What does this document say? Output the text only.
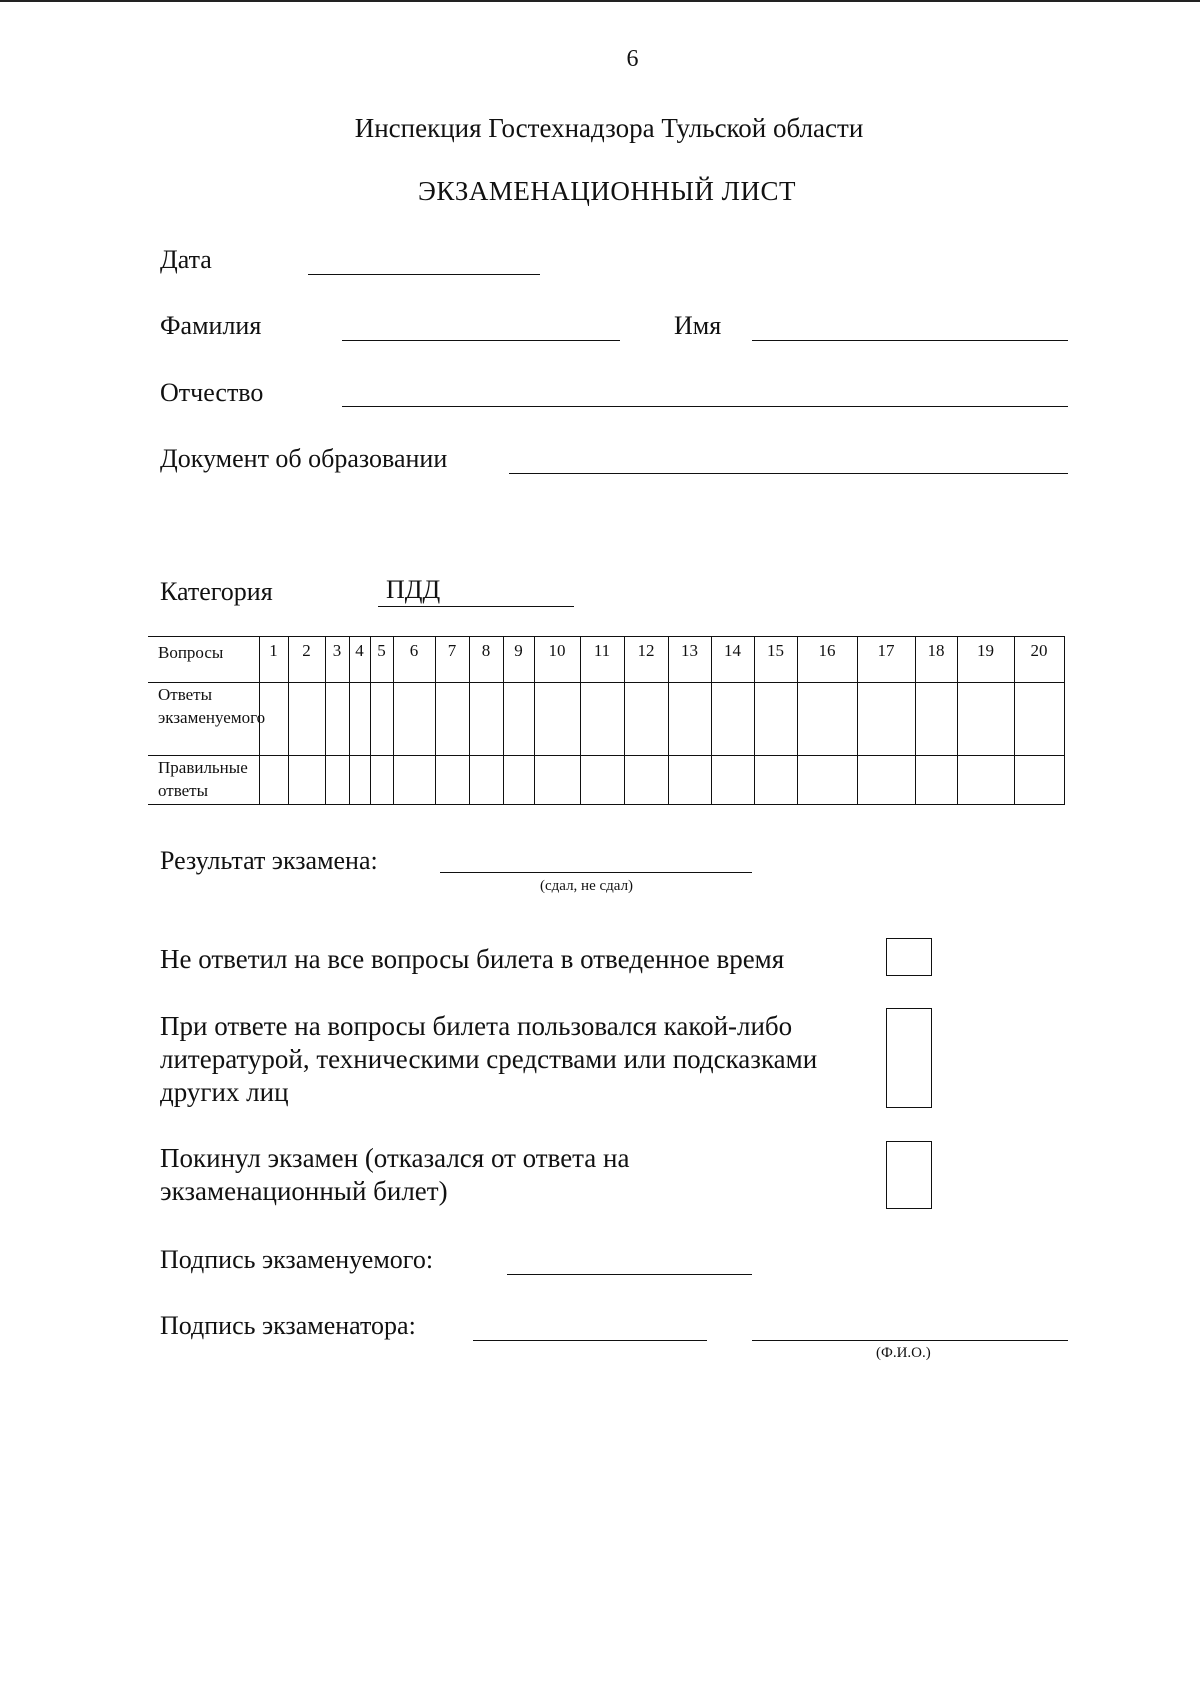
6
Инспекция Гостехнадзора Тульской области
ЭКЗАМЕНАЦИОННЫЙ ЛИСТ
Дата
Фамилия	Имя
Отчество
Документ об образовании
Категория	ПДД
Вопросы	1	2	3	4	5	6	7	8	9	10	11	12	13	14	15	16	17	18	19	20
Ответы экзаменуемого																				
Правильные ответы																				
Результат экзамена:
(сдал, не сдал)
Не ответил на все вопросы билета в отведенное время
При ответе на вопросы билета пользовался какой-либо литературой, техническими средствами или подсказками других лиц
Покинул экзамен (отказался от ответа на экзаменационный билет)
Подпись экзаменуемого:
Подпись экзаменатора:
(Ф.И.О.)
